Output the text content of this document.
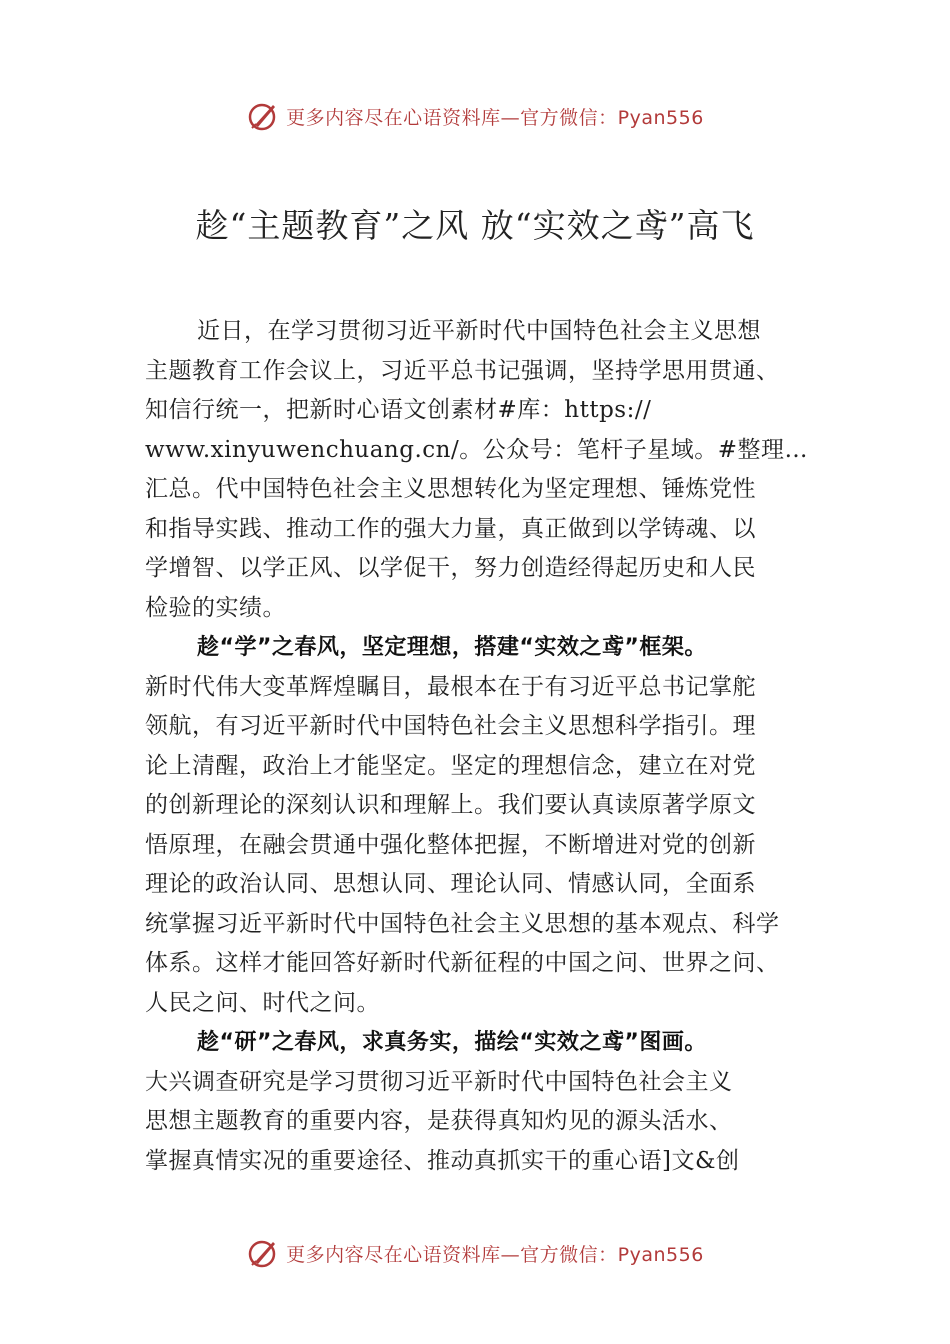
更多内容尽在心语资料库—官方微信：Pyan556
趁“主题教育”之风 放“实效之鸢”高飞
近日，在学习贯彻习近平新时代中国特色社会主义思想
主题教育工作会议上，习近平总书记强调，坚持学思用贯通、
知信行统一，把新时心语文创素材#库：https://
www.xinyuwenchuang.cn/。公众号：笔杆子星域。#整理…
汇总。代中国特色社会主义思想转化为坚定理想、锤炼党性
和指导实践、推动工作的强大力量，真正做到以学铸魂、以
学增智、以学正风、以学促干，努力创造经得起历史和人民
检验的实绩。
趁“学”之春风，坚定理想，搭建“实效之鸢”框架。
新时代伟大变革辉煌瞩目，最根本在于有习近平总书记掌舵
领航，有习近平新时代中国特色社会主义思想科学指引。理
论上清醒，政治上才能坚定。坚定的理想信念，建立在对党
的创新理论的深刻认识和理解上。我们要认真读原著学原文
悟原理，在融会贯通中强化整体把握，不断增进对党的创新
理论的政治认同、思想认同、理论认同、情感认同，全面系
统掌握习近平新时代中国特色社会主义思想的基本观点、科学
体系。这样才能回答好新时代新征程的中国之问、世界之问、
人民之问、时代之问。
趁“研”之春风，求真务实，描绘“实效之鸢”图画。
大兴调查研究是学习贯彻习近平新时代中国特色社会主义
思想主题教育的重要内容，是获得真知灼见的源头活水、
掌握真情实况的重要途径、推动真抓实干的重心语]文&创
更多内容尽在心语资料库—官方微信：Pyan556
